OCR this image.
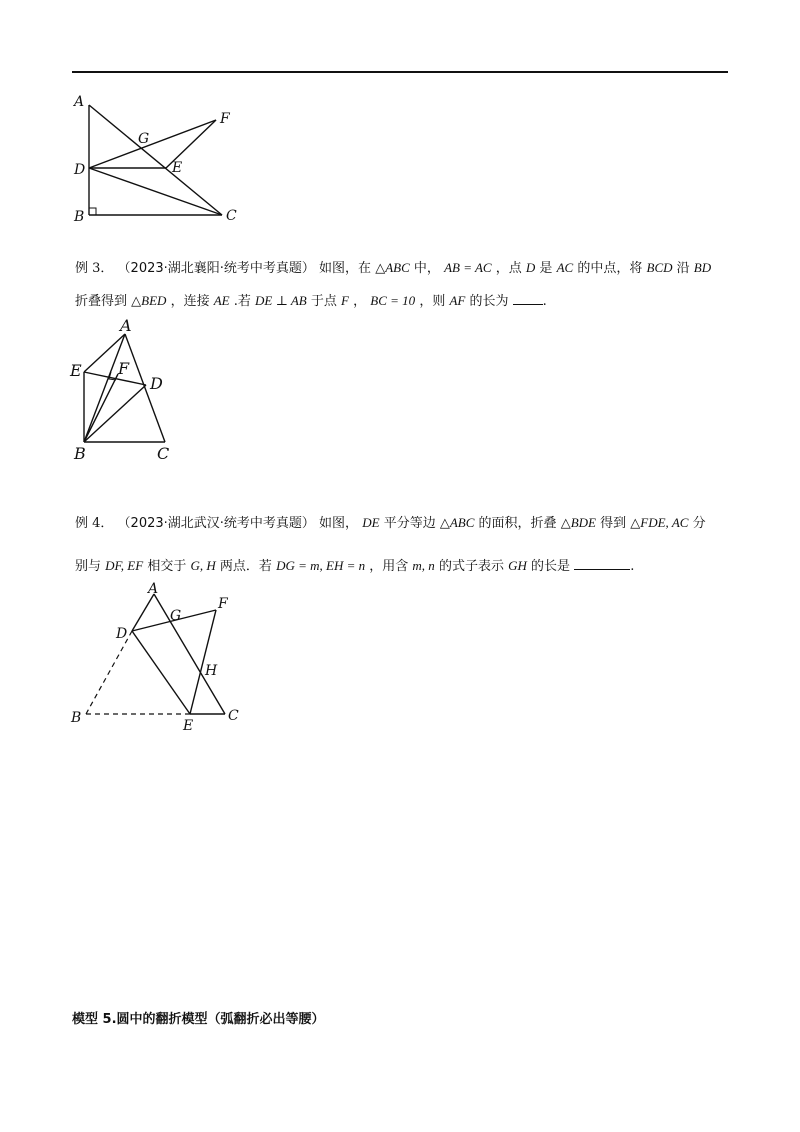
A
G
F
D	E
B	C
例 3． （2023·湖北襄阳·统考中考真题） 如图，在 △ABC 中， AB = AC ，点 D 是 AC 的中点，将 BCD 沿 BD
折叠得到 △BED ，连接 AE .若 DE ⊥ AB 于点 F ， BC = 10 ，则 AF 的长为	.
A
E F
D
B	C
例 4． （2023·湖北武汉·统考中考真题） 如图， DE 平分等边 △ABC 的面积，折叠 △BDE 得到 △FDE, AC 分
别与 DF, EF 相交于 G, H 两点．若 DG = m, EH = n ，用含 m, n 的式子表示 GH 的长是	.
A
G
F
D
H
B	E
C
模型 5.圆中的翻折模型（弧翻折必出等腰）
